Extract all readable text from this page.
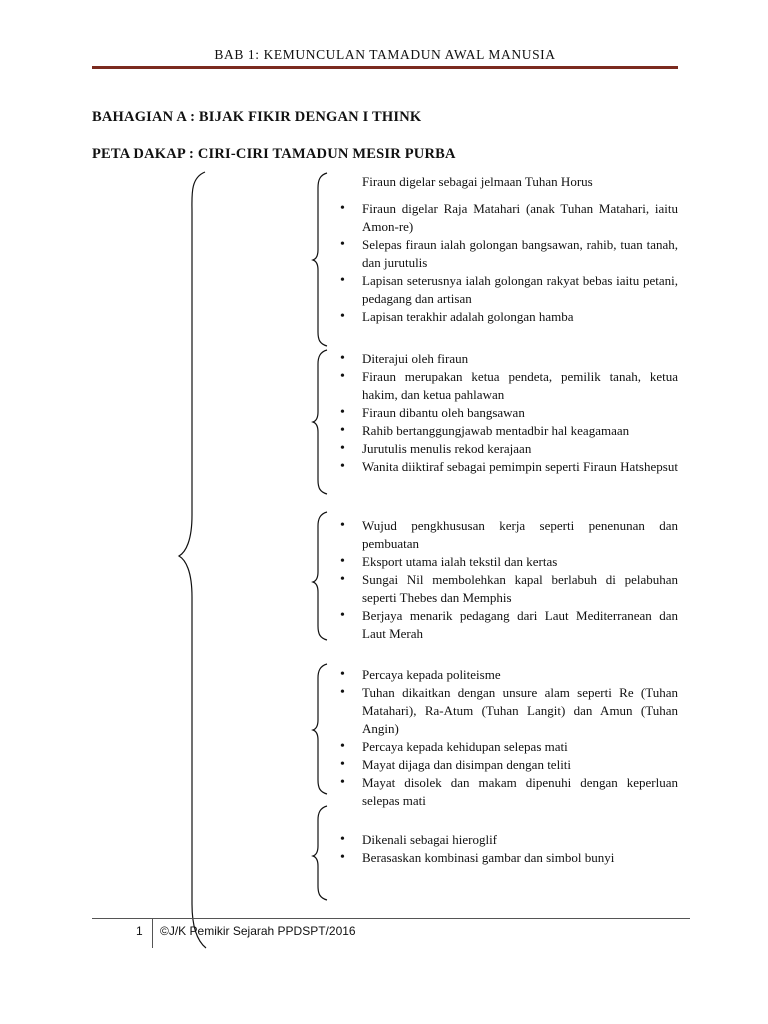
BAB 1: KEMUNCULAN TAMADUN AWAL MANUSIA
BAHAGIAN A : BIJAK FIKIR DENGAN I THINK
PETA DAKAP : CIRI-CIRI TAMADUN MESIR PURBA
Firaun digelar sebagai jelmaan Tuhan Horus
• Firaun digelar Raja Matahari (anak Tuhan Matahari, iaitu Amon-re)
• Selepas firaun ialah golongan bangsawan, rahib, tuan tanah, dan jurutulis
• Lapisan seterusnya ialah golongan rakyat bebas iaitu petani, pedagang dan artisan
• Lapisan terakhir adalah golongan hamba
• Diterajui oleh firaun
• Firaun merupakan ketua pendeta, pemilik tanah, ketua hakim, dan ketua pahlawan
• Firaun dibantu oleh bangsawan
• Rahib bertanggungjawab mentadbir hal keagamaan
• Jurutulis menulis rekod kerajaan
• Wanita diiktiraf sebagai pemimpin seperti Firaun Hatshepsut
• Wujud pengkhususan kerja seperti penenunan dan pembuatan
• Eksport utama ialah tekstil dan kertas
• Sungai Nil membolehkan kapal berlabuh di pelabuhan seperti Thebes dan Memphis
• Berjaya menarik pedagang dari Laut Mediterranean dan Laut Merah
• Percaya kepada politeisme
• Tuhan dikaitkan dengan unsure alam seperti Re (Tuhan Matahari), Ra-Atum (Tuhan Langit) dan Amun (Tuhan Angin)
• Percaya kepada kehidupan selepas mati
• Mayat dijaga dan disimpan dengan teliti
• Mayat disolek dan makam dipenuhi dengan keperluan selepas mati
• Dikenali sebagai hieroglif
• Berasaskan kombinasi gambar dan simbol bunyi
1 ©J/K Pemikir Sejarah PPDSPT/2016
